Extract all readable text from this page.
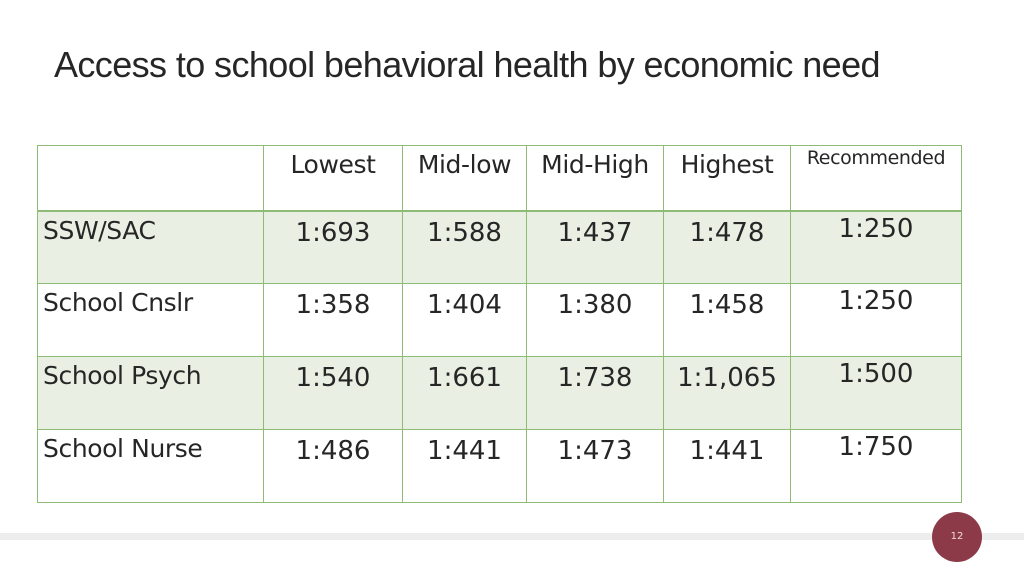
Access to school behavioral health by economic need
	Lowest	Mid-low	Mid-High	Highest	Recommended
SSW/SAC	1:693	1:588	1:437	1:478	1:250
School Cnslr	1:358	1:404	1:380	1:458	1:250
School Psych	1:540	1:661	1:738	1:1,065	1:500
School Nurse	1:486	1:441	1:473	1:441	1:750
12
